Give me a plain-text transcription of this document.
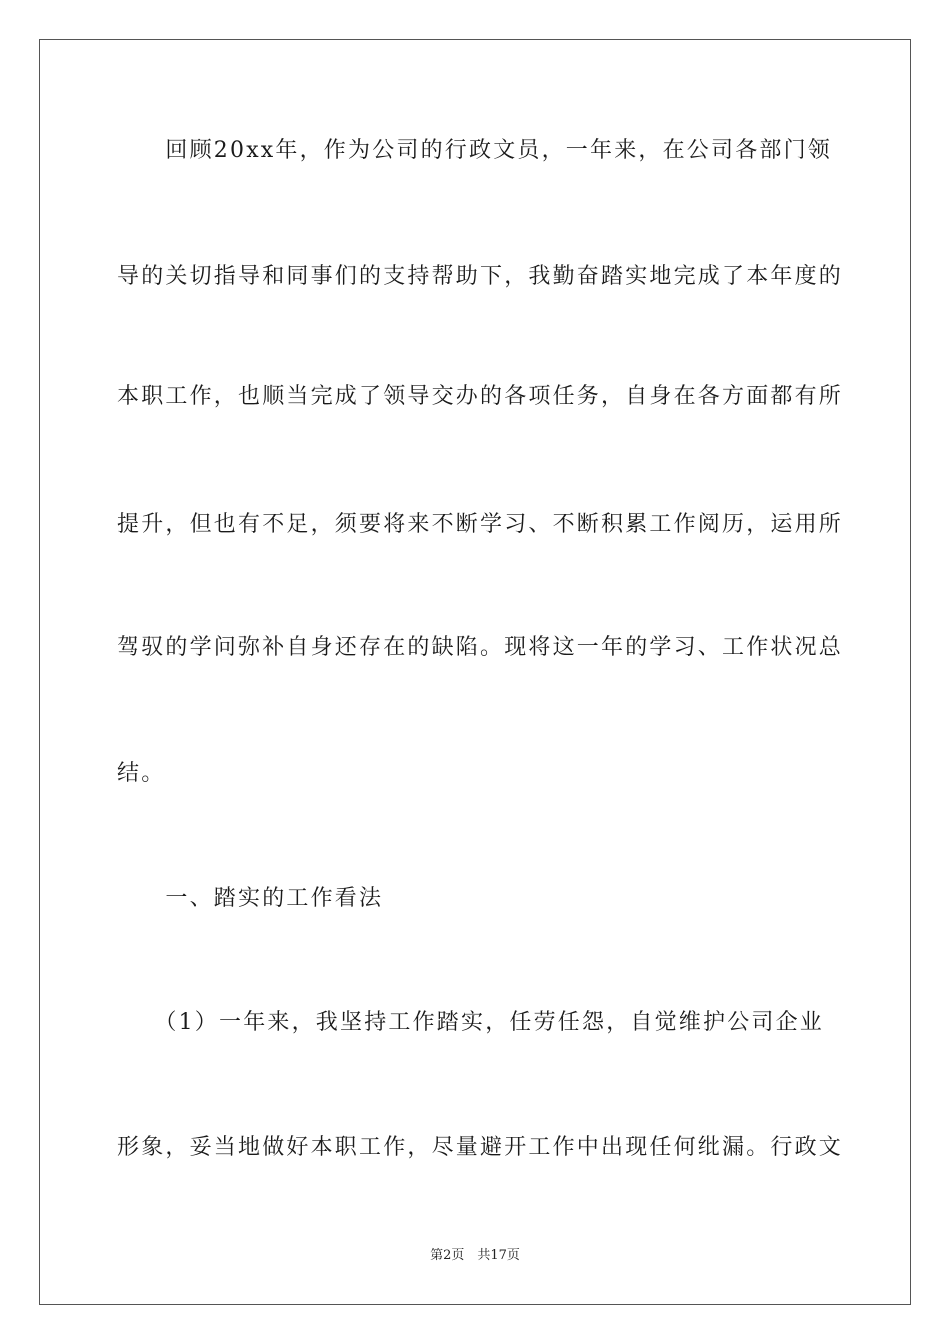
　　回顾20xx年，作为公司的行政文员，一年来，在公司各部门领
导的关切指导和同事们的支持帮助下，我勤奋踏实地完成了本年度的
本职工作，也顺当完成了领导交办的各项任务，自身在各方面都有所
提升，但也有不足，须要将来不断学习、不断积累工作阅历，运用所
驾驭的学问弥补自身还存在的缺陷。现将这一年的学习、工作状况总
结。
　　一、踏实的工作看法
　　（1）一年来，我坚持工作踏实，任劳任怨，自觉维护公司企业
形象，妥当地做好本职工作，尽量避开工作中出现任何纰漏。行政文
第2页　共17页
